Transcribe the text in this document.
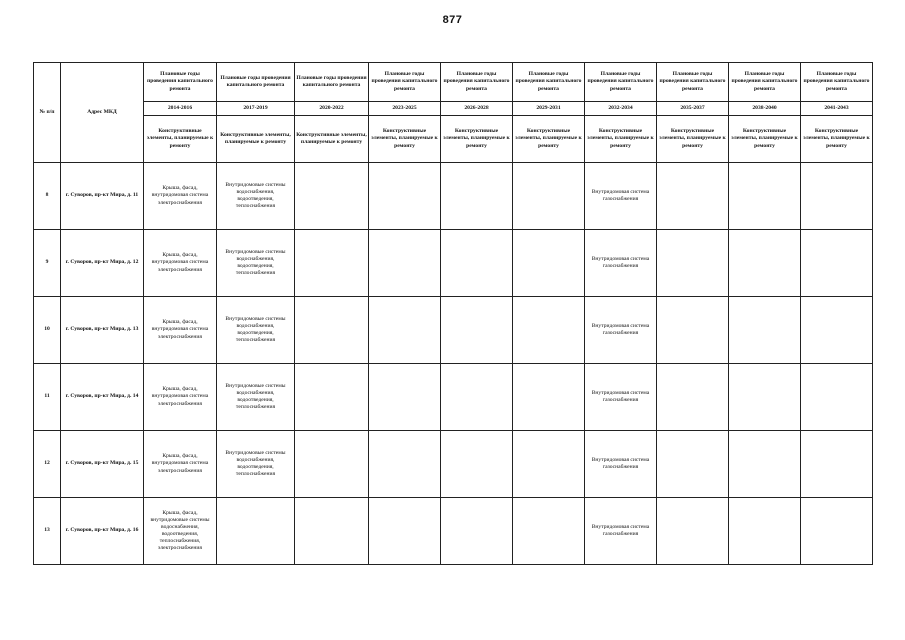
877
№ п/п	Адрес МКД	Плановые годы проведения капитального ремонта	Плановые годы проведения капитального ремонта	Плановые годы проведения капитального ремонта	Плановые годы проведения капитального ремонта	Плановые годы проведения капитального ремонта	Плановые годы проведения капитального ремонта	Плановые годы проведения капитального ремонта	Плановые годы проведения капитального ремонта	Плановые годы проведения капитального ремонта	Плановые годы проведения капитального ремонта
		2014-2016	2017-2019	2020-2022	2023-2025	2026-2028	2029-2031	2032-2034	2035-2037	2038-2040	2041-2043
		Конструктивные элементы, планируемые к ремонту	Конструктивные элементы, планируемые к ремонту	Конструктивные элементы, планируемые к ремонту	Конструктивные элементы, планируемые к ремонту	Конструктивные элементы, планируемые к ремонту	Конструктивные элементы, планируемые к ремонту	Конструктивные элементы, планируемые к ремонту	Конструктивные элементы, планируемые к ремонту	Конструктивные элементы, планируемые к ремонту	Конструктивные элементы, планируемые к ремонту
8	г. Суворов, пр-кт Мира, д. 11	Крыша, фасад, внутридомовая система электроснабжения	Внутридомовые системы водоснабжения, водоотведения, теплоснабжения					Внутридомовая система газоснабжения			
9	г. Суворов, пр-кт Мира, д. 12	Крыша, фасад, внутридомовая система электроснабжения	Внутридомовые системы водоснабжения, водоотведения, теплоснабжения					Внутридомовая система газоснабжения			
10	г. Суворов, пр-кт Мира, д. 13	Крыша, фасад, внутридомовая система электроснабжения	Внутридомовые системы водоснабжения, водоотведения, теплоснабжения					Внутридомовая система газоснабжения			
11	г. Суворов, пр-кт Мира, д. 14	Крыша, фасад, внутридомовая система электроснабжения	Внутридомовые системы водоснабжения, водоотведения, теплоснабжения					Внутридомовая система газоснабжения			
12	г. Суворов, пр-кт Мира, д. 15	Крыша, фасад, внутридомовая система электроснабжения	Внутридомовые системы водоснабжения, водоотведения, теплоснабжения					Внутридомовая система газоснабжения			
13	г. Суворов, пр-кт Мира, д. 16	Крыша, фасад, внутридомовые системы водоснабжения, водоотведения, теплоснабжения, электроснабжения						Внутридомовая система газоснабжения			
